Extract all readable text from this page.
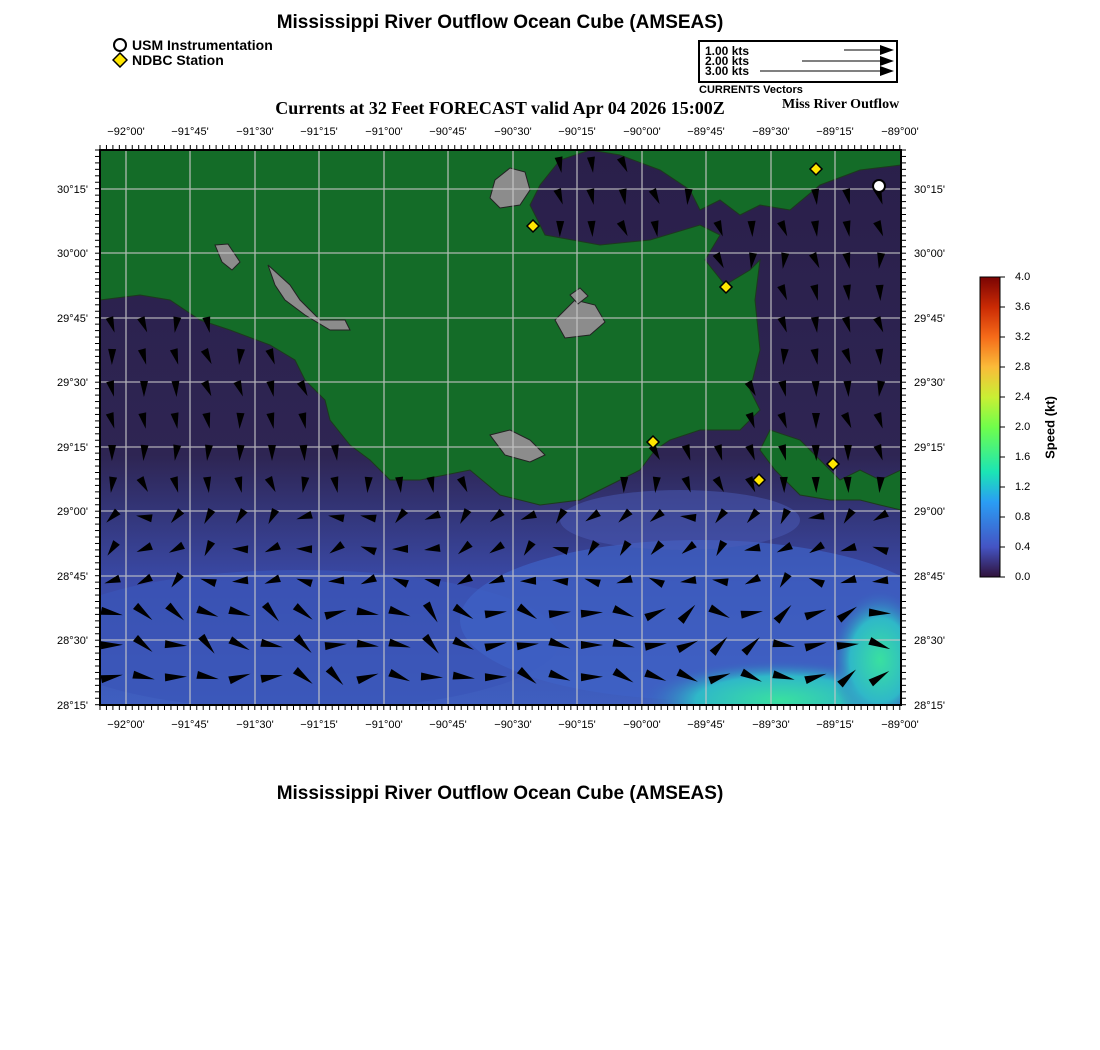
Mississippi River Outflow Ocean Cube (AMSEAS)
USM Instrumentation
NDBC Station
1.00 kts
2.00 kts
3.00 kts
CURRENTS Vectors
Currents at 32 Feet FORECAST valid Apr 04 2026 15:00Z	Miss River Outflow
−92°00' −91°45'	−91°30' −91°15'	−91°00' −90°45'	−90°30' −90°15'	−90°00' −89°45'	−89°30' −89°15'	−89°00'
−92°00' −91°45'	−91°30' −91°15'	−91°00' −90°45'	−90°30' −90°15'	−90°00' −89°45'	−89°30' −89°15'	−89°00'
30°15'
30°00'
29°45'
29°30'
29°15'
29°00'
28°45'
28°30'
28°15'
30°15'
30°00'
29°45'
29°30'
29°15'
29°00'
28°45'
28°30'
28°15'
4.0
3.6
3.2
2.8
2.4
2.0
1.6
1.2
0.8
0.4
0.0
Speed (kt)
Mississippi River Outflow Ocean Cube (AMSEAS)
